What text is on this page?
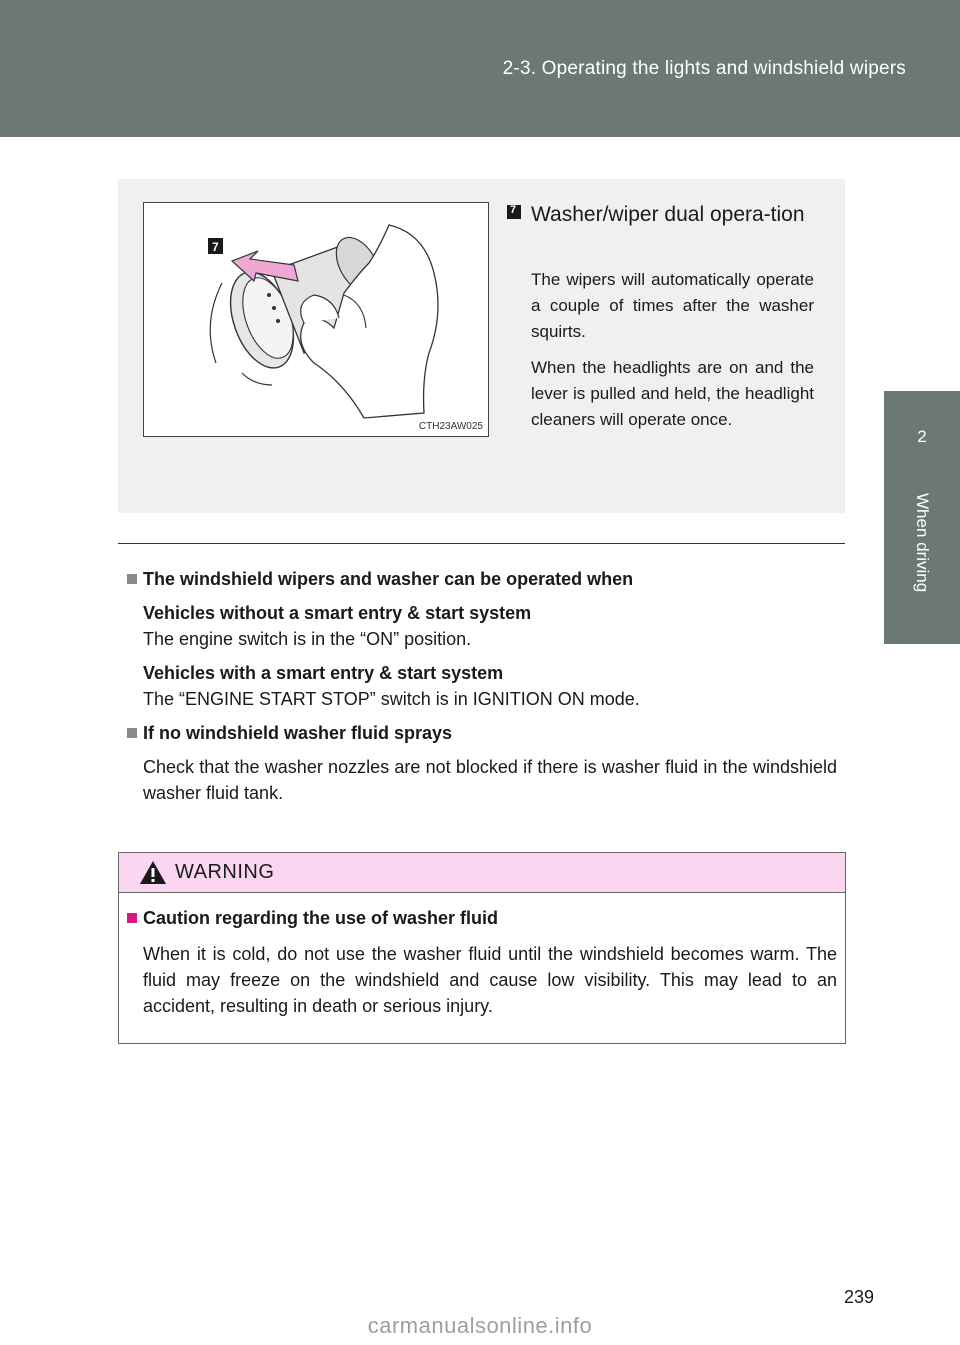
2-3. Operating the lights and windshield wipers
2
When driving
7
CTH23AW025
7
Washer/wiper dual opera-tion

The wipers will automatically operate a couple of times after the washer squirts.

When the headlights are on and the lever is pulled and held, the headlight cleaners will operate once.

The windshield wipers and washer can be operated when

Vehicles without a smart entry & start system

The engine switch is in the “ON” position.

Vehicles with a smart entry & start system

The “ENGINE START STOP” switch is in IGNITION ON mode.

If no windshield washer fluid sprays

Check that the washer nozzles are not blocked if there is washer fluid in the windshield washer fluid tank.

WARNING
Caution regarding the use of washer fluid
When it is cold, do not use the washer fluid until the windshield becomes warm. The fluid may freeze on the windshield and cause low visibility. This may lead to an accident, resulting in death or serious injury.
239
carmanualsonline.info
